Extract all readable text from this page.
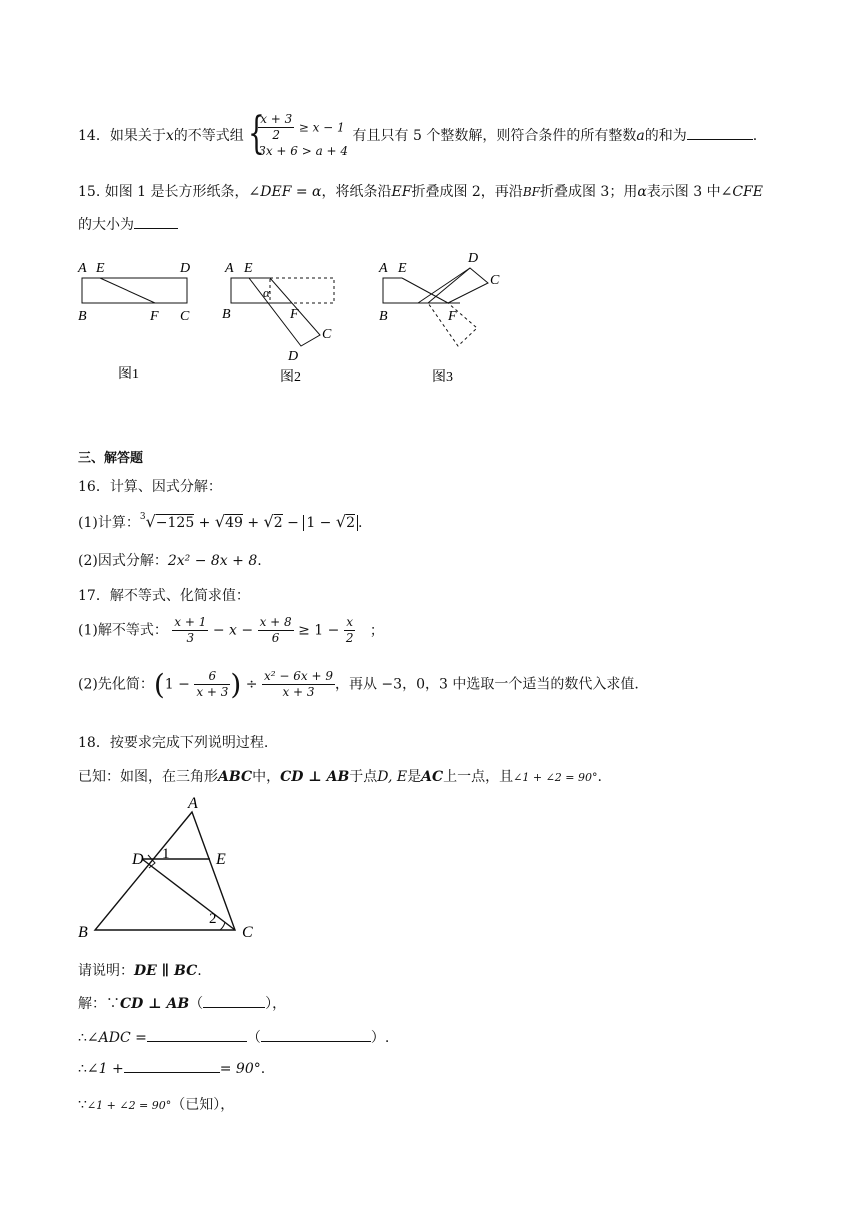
14．如果关于x的不等式组 {
$\frac{x + 3}{2} \ge x - 1$
3x + 6 > a + 4
有且只有 5 个整数解，则符合条件的所有整数a的和为	.
15. 如图 1 是长方形纸条，∠DEF = α，将纸条沿EF折叠成图 2，再沿BF折叠成图 3；用α表示图 3 中∠CFE
的大小为
A E	D
B	F C
图1
A E
α
B	F
C
D
图2
A E
D
C
B	F
图3
三、解答题
16．计算、因式分解：
(1)计算：$^3$√−125 + √49 + √2 − 1 − √2 .
(2)因式分解：2x² − 8x + 8.
17．解不等式、化简求值：
(1)解不等式： $\frac{x + 1}{3} - x - \frac{x + 8}{6} \ge 1 - \frac{x}{2}$ ；
(2)先化简：($1 - \frac{6}{x + 3}$ ) ÷ $\frac{\text{x² − 6x + 9}}{x + 3}$ ，再从 −3，0，3 中选取一个适当的数代入求值.
18．按要求完成下列说明过程.
已知：如图，在三角形ABC中，CD ⊥ AB于点D, E是AC上一点，且∠1 + ∠2 = 90°.
A
D 1	E
B
2
C
请说明：DE ∥ BC.
解：∵CD ⊥ AB（	），
∴∠ADC =	（	）.
∴∠1 +	= 90°.
∵∠1 + ∠2 = 90°（已知），
